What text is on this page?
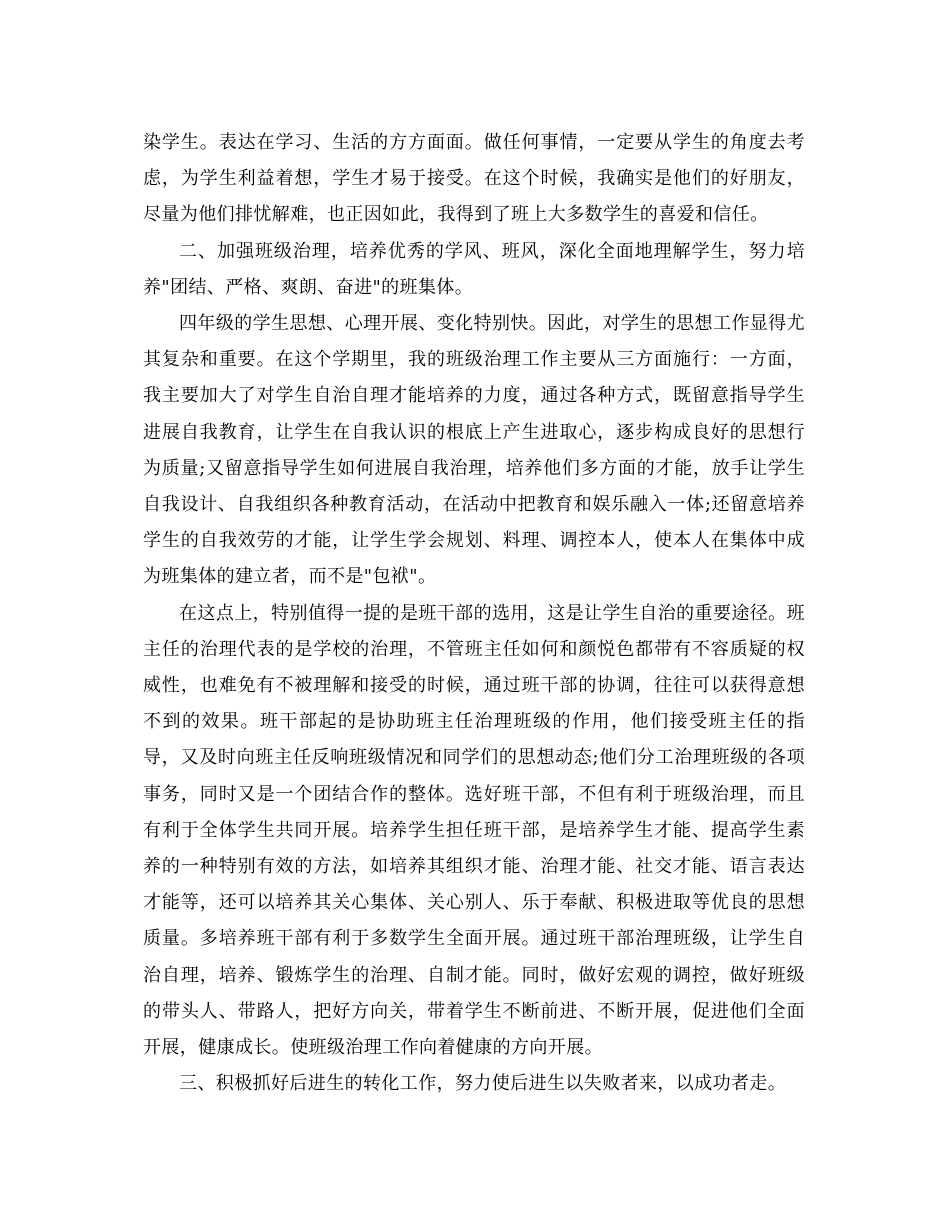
染学生。表达在学习、生活的方方面面。做任何事情，一定要从学生的角度去考虑，为学生利益着想，学生才易于接受。在这个时候，我确实是他们的好朋友，尽量为他们排忧解难，也正因如此，我得到了班上大多数学生的喜爱和信任。

二、加强班级治理，培养优秀的学风、班风，深化全面地理解学生，努力培养"团结、严格、爽朗、奋进"的班集体。

四年级的学生思想、心理开展、变化特别快。因此，对学生的思想工作显得尤其复杂和重要。在这个学期里，我的班级治理工作主要从三方面施行：一方面，我主要加大了对学生自治自理才能培养的力度，通过各种方式，既留意指导学生进展自我教育，让学生在自我认识的根底上产生进取心，逐步构成良好的思想行为质量;又留意指导学生如何进展自我治理，培养他们多方面的才能，放手让学生自我设计、自我组织各种教育活动，在活动中把教育和娱乐融入一体;还留意培养学生的自我效劳的才能，让学生学会规划、料理、调控本人，使本人在集体中成为班集体的建立者，而不是"包袱"。

在这点上，特别值得一提的是班干部的选用，这是让学生自治的重要途径。班主任的治理代表的是学校的治理，不管班主任如何和颜悦色都带有不容质疑的权威性，也难免有不被理解和接受的时候，通过班干部的协调，往往可以获得意想不到的效果。班干部起的是协助班主任治理班级的作用，他们接受班主任的指导，又及时向班主任反响班级情况和同学们的思想动态;他们分工治理班级的各项事务，同时又是一个团结合作的整体。选好班干部，不但有利于班级治理，而且有利于全体学生共同开展。培养学生担任班干部，是培养学生才能、提高学生素养的一种特别有效的方法，如培养其组织才能、治理才能、社交才能、语言表达才能等，还可以培养其关心集体、关心别人、乐于奉献、积极进取等优良的思想质量。多培养班干部有利于多数学生全面开展。通过班干部治理班级，让学生自治自理，培养、锻炼学生的治理、自制才能。同时，做好宏观的调控，做好班级的带头人、带路人，把好方向关，带着学生不断前进、不断开展，促进他们全面开展，健康成长。使班级治理工作向着健康的方向开展。

三、积极抓好后进生的转化工作，努力使后进生以失败者来，以成功者走。
